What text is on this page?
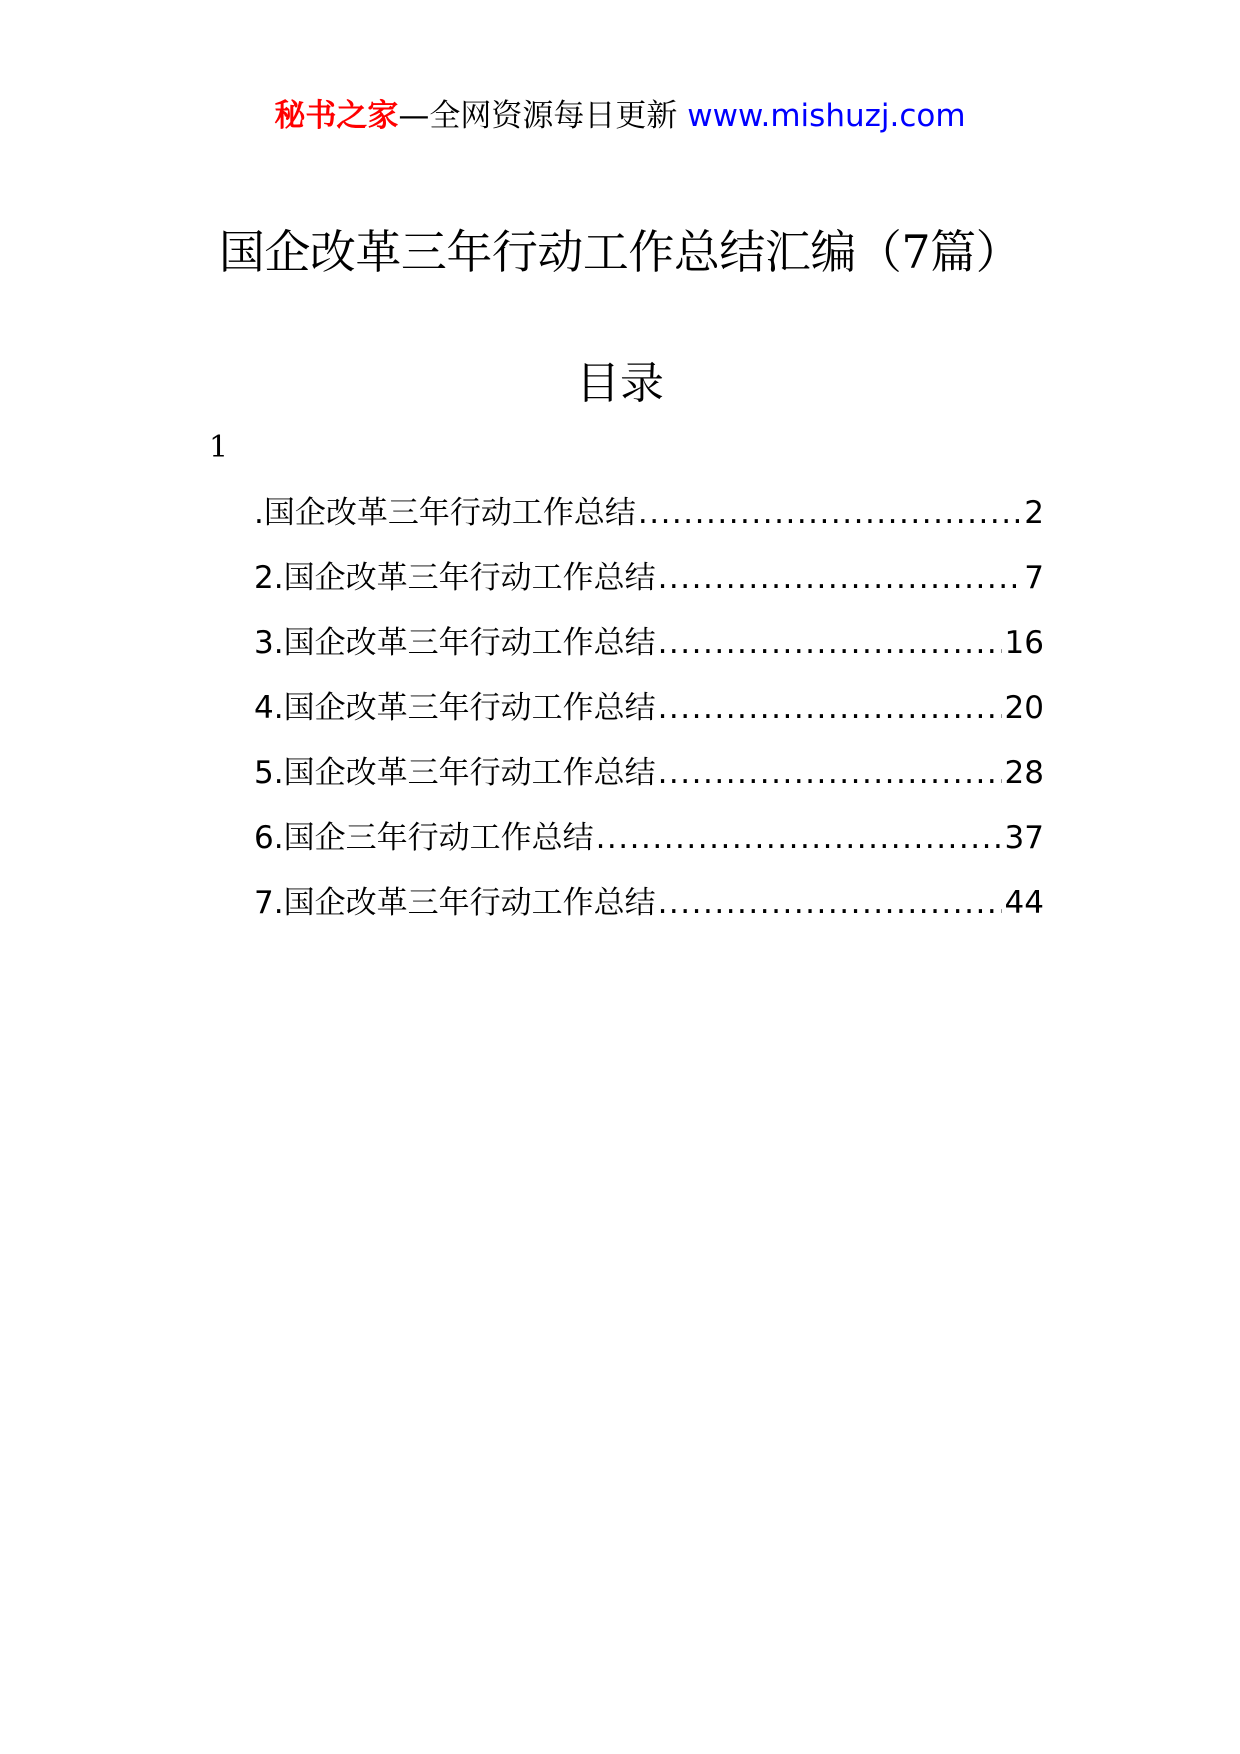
秘书之家—全网资源每日更新 www.mishuzj.com
国企改革三年行动工作总结汇编（7篇）
目录
1
.国企改革三年行动工作总结 .....	2
2.国企改革三年行动工作总结 .....	7
3.国企改革三年行动工作总结 .....	16
4.国企改革三年行动工作总结 .....	20
5.国企改革三年行动工作总结 .....	28
6.国企三年行动工作总结 .....	37
7.国企改革三年行动工作总结 .....	44
